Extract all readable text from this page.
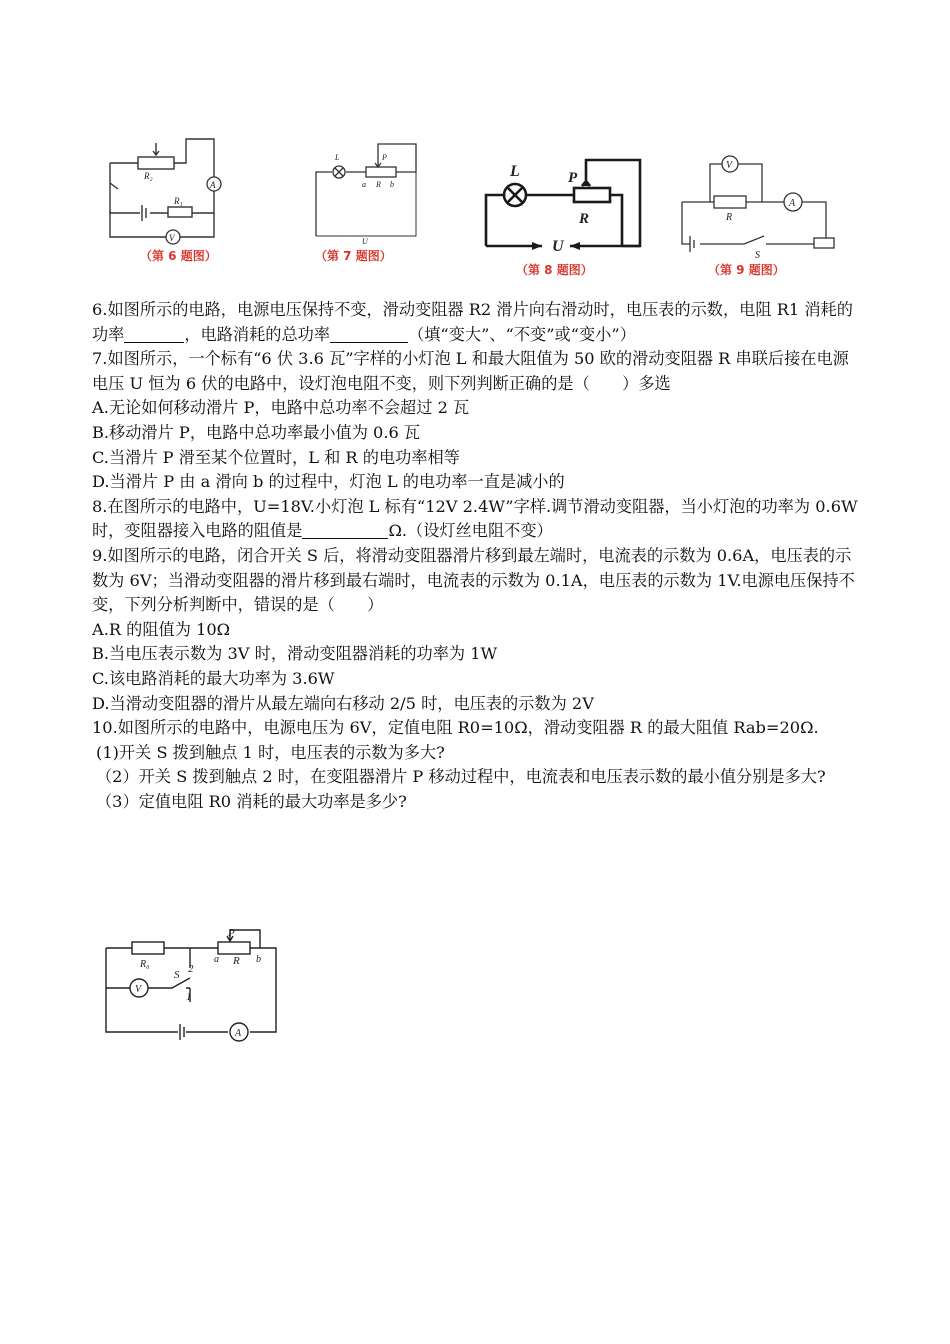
R₂
R₁
A
V
（第 6 题图）
L	P
a R b
U
（第 7 题图）
L	P
R
U
（第 8 题图）
V
A
R
S
（第 9 题图）

6.如图所示的电路，电源电压保持不变，滑动变阻器 R2 滑片向右滑动时，电压表的示数，电阻 R1 消耗的功率	，电路消耗的总功率	（填“变大”、“不变”或“变小”）

7.如图所示，一个标有“6 伏 3.6 瓦”字样的小灯泡 L 和最大阻值为 50 欧的滑动变阻器 R 串联后接在电源电压 U 恒为 6 伏的电路中，设灯泡电阻不变，则下列判断正确的是（　　）多选

A.无论如何移动滑片 P，电路中总功率不会超过 2 瓦

B.移动滑片 P，电路中总功率最小值为 0.6 瓦

C.当滑片 P 滑至某个位置时，L 和 R 的电功率相等

D.当滑片 P 由 a 滑向 b 的过程中，灯泡 L 的电功率一直是减小的

8.在图所示的电路中，U=18V.小灯泡 L 标有“12V 2.4W”字样.调节滑动变阻器，当小灯泡的功率为 0.6W 时，变阻器接入电路的阻值是	Ω.（设灯丝电阻不变）

9.如图所示的电路，闭合开关 S 后，将滑动变阻器滑片移到最左端时，电流表的示数为 0.6A，电压表的示数为 6V；当滑动变阻器的滑片移到最右端时，电流表的示数为 0.1A，电压表的示数为 1V.电源电压保持不变，下列分析判断中，错误的是（　　）

A.R 的阻值为 10Ω

B.当电压表示数为 3V 时，滑动变阻器消耗的功率为 1W

C.该电路消耗的最大功率为 3.6W

D.当滑动变阻器的滑片从最左端向右移动 2/5 时，电压表的示数为 2V

10.如图所示的电路中，电源电压为 6V，定值电阻 R0=10Ω，滑动变阻器 R 的最大阻值 Rab=20Ω.

(1)开关 S 拨到触点 1 时，电压表的示数为多大?

（2）开关 S 拨到触点 2 时，在变阻器滑片 P 移动过程中，电流表和电压表示数的最小值分别是多大?

（3）定值电阻 R0 消耗的最大功率是多少?

P
R₀	a R b
S 2
1
V
A
